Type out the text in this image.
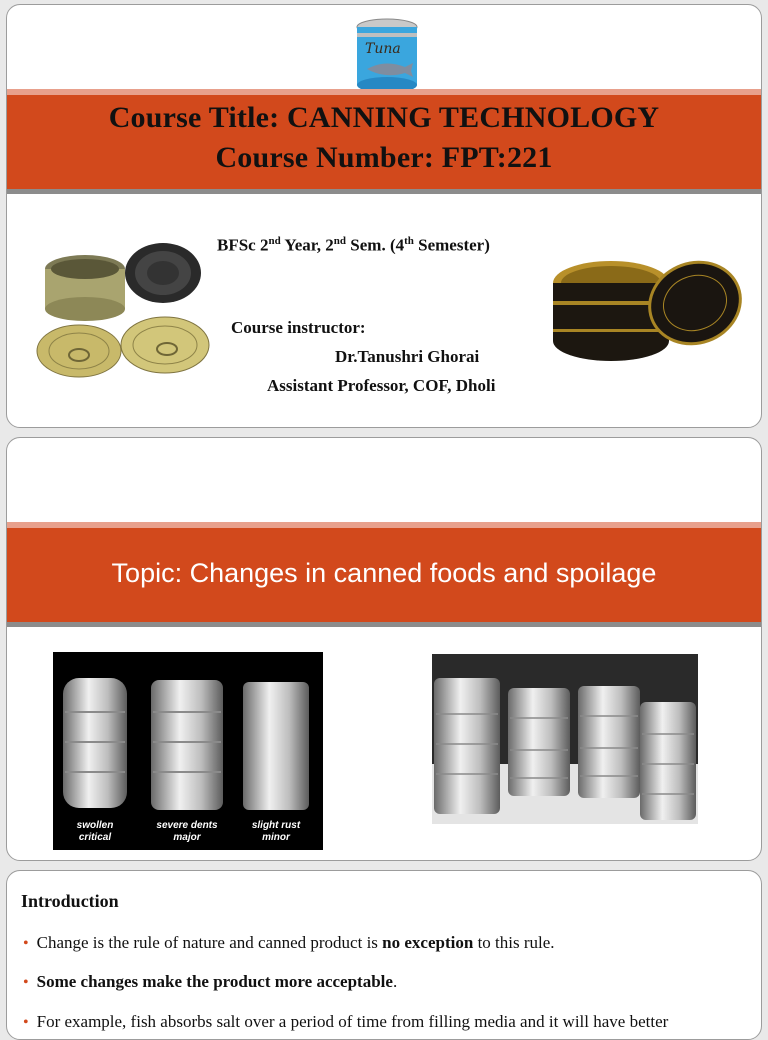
Tuna
Course Title: CANNING TECHNOLOGY
Course Number: FPT:221
BFSc 2nd Year, 2nd Sem. (4th Semester)
Course instructor:
Dr.Tanushri Ghorai
Assistant Professor, COF, Dholi
Topic: Changes in canned foods and spoilage
swollen
critical
severe dents
major
slight rust
minor
Introduction
• Change is the rule of nature and canned product is no exception to this rule.
• Some changes make the product more acceptable.
• For example, fish absorbs salt over a period of time from filling media and it will have better
